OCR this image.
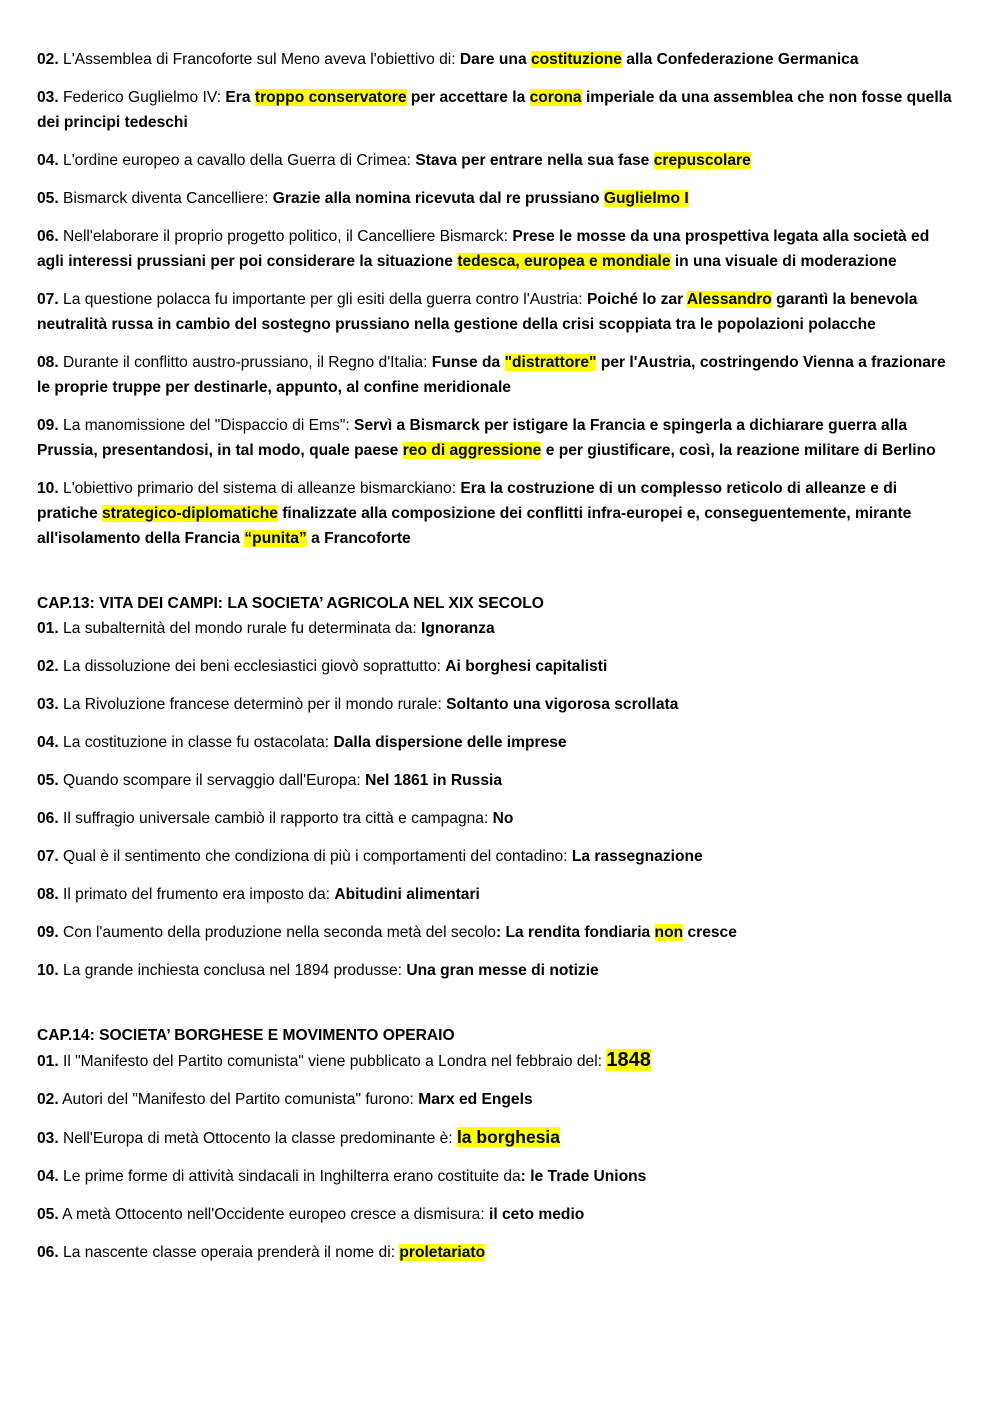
02. L'Assemblea di Francoforte sul Meno aveva l'obiettivo di: Dare una costituzione alla Confederazione Germanica
03. Federico Guglielmo IV: Era troppo conservatore per accettare la corona imperiale da una assemblea che non fosse quella dei principi tedeschi
04. L'ordine europeo a cavallo della Guerra di Crimea: Stava per entrare nella sua fase crepuscolare
05. Bismarck diventa Cancelliere: Grazie alla nomina ricevuta dal re prussiano Guglielmo I
06. Nell'elaborare il proprio progetto politico, il Cancelliere Bismarck: Prese le mosse da una prospettiva legata alla società ed agli interessi prussiani per poi considerare la situazione tedesca, europea e mondiale in una visuale di moderazione
07. La questione polacca fu importante per gli esiti della guerra contro l'Austria: Poiché lo zar Alessandro garantì la benevola neutralità russa in cambio del sostegno prussiano nella gestione della crisi scoppiata tra le popolazioni polacche
08. Durante il conflitto austro-prussiano, il Regno d'Italia: Funse da "distrattore" per l'Austria, costringendo Vienna a frazionare le proprie truppe per destinarle, appunto, al confine meridionale
09. La manomissione del "Dispaccio di Ems": Servì a Bismarck per istigare la Francia e spingerla a dichiarare guerra alla Prussia, presentandosi, in tal modo, quale paese reo di aggressione e per giustificare, così, la reazione militare di Berlino
10. L'obiettivo primario del sistema di alleanze bismarckiano: Era la costruzione di un complesso reticolo di alleanze e di pratiche strategico-diplomatiche finalizzate alla composizione dei conflitti infra-europei e, conseguentemente, mirante all'isolamento della Francia “punita” a Francoforte
CAP.13: VITA DEI CAMPI: LA SOCIETA’ AGRICOLA NEL XIX SECOLO
01. La subalternità del mondo rurale fu determinata da: Ignoranza
02. La dissoluzione dei beni ecclesiastici giovò soprattutto: Ai borghesi capitalisti
03. La Rivoluzione francese determinò per il mondo rurale: Soltanto una vigorosa scrollata
04. La costituzione in classe fu ostacolata: Dalla dispersione delle imprese
05. Quando scompare il servaggio dall'Europa: Nel 1861 in Russia
06. Il suffragio universale cambiò il rapporto tra città e campagna: No
07. Qual è il sentimento che condiziona di più i comportamenti del contadino: La rassegnazione
08. Il primato del frumento era imposto da: Abitudini alimentari
09. Con l'aumento della produzione nella seconda metà del secolo: La rendita fondiaria non cresce
10. La grande inchiesta conclusa nel 1894 produsse: Una gran messe di notizie
CAP.14: SOCIETA’ BORGHESE E MOVIMENTO OPERAIO
01. Il "Manifesto del Partito comunista" viene pubblicato a Londra nel febbraio del: 1848
02. Autori del "Manifesto del Partito comunista" furono: Marx ed Engels
03. Nell'Europa di metà Ottocento la classe predominante è: la borghesia
04. Le prime forme di attività sindacali in Inghilterra erano costituite da: le Trade Unions
05. A metà Ottocento nell'Occidente europeo cresce a dismisura: il ceto medio
06. La nascente classe operaia prenderà il nome di: proletariato
